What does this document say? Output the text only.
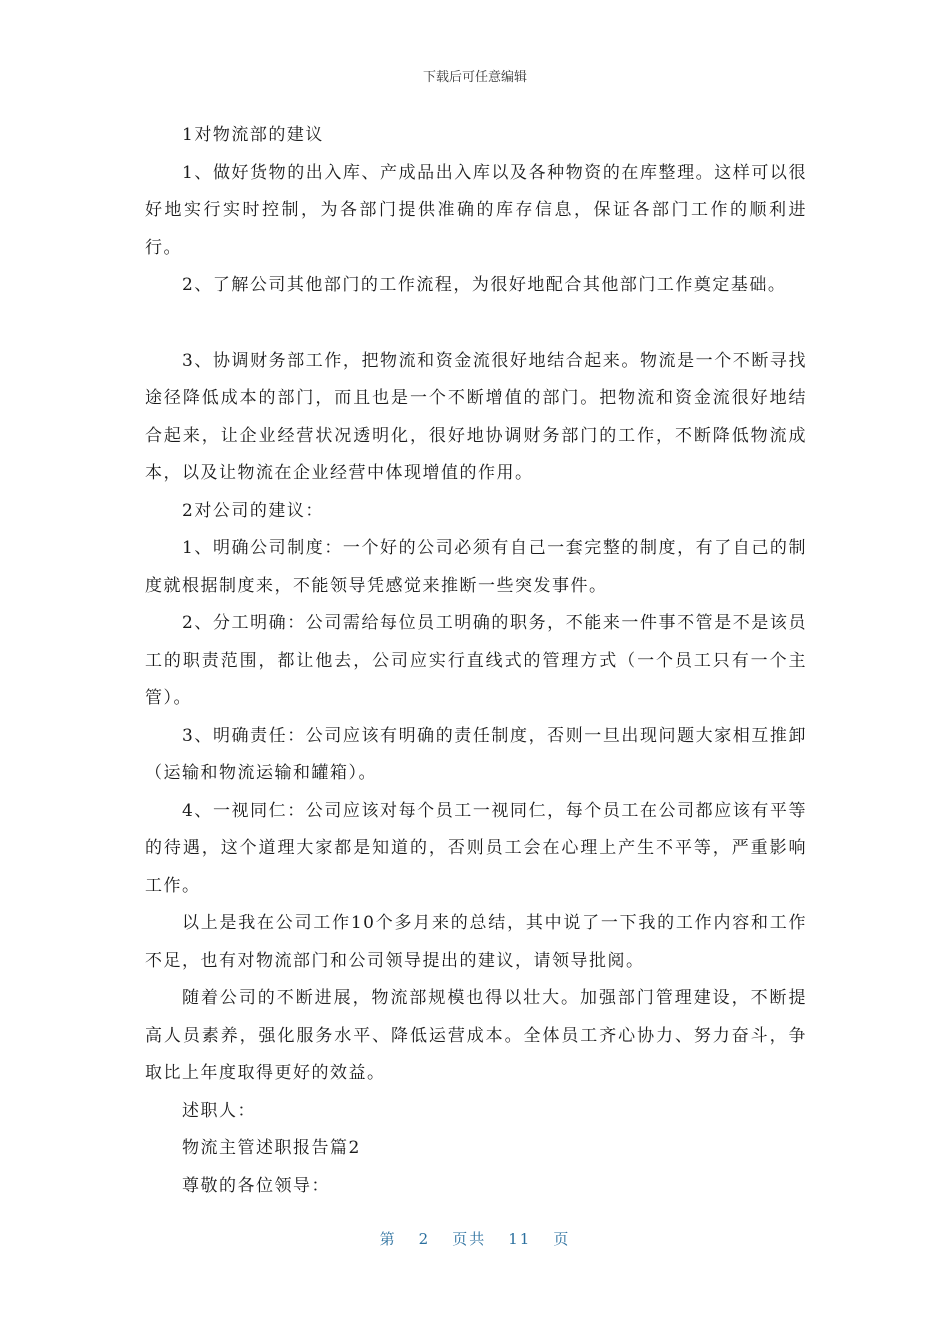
下载后可任意编辑

1对物流部的建议

1、做好货物的出入库、产成品出入库以及各种物资的在库整理。这样可以很好地实行实时控制，为各部门提供准确的库存信息，保证各部门工作的顺利进行。

2、了解公司其他部门的工作流程，为很好地配合其他部门工作奠定基础。

3、协调财务部工作，把物流和资金流很好地结合起来。物流是一个不断寻找途径降低成本的部门，而且也是一个不断增值的部门。把物流和资金流很好地结合起来，让企业经营状况透明化，很好地协调财务部门的工作，不断降低物流成本，以及让物流在企业经营中体现增值的作用。

2对公司的建议：

1、明确公司制度：一个好的公司必须有自己一套完整的制度，有了自己的制度就根据制度来，不能领导凭感觉来推断一些突发事件。

2、分工明确：公司需给每位员工明确的职务，不能来一件事不管是不是该员工的职责范围，都让他去，公司应实行直线式的管理方式（一个员工只有一个主管）。

3、明确责任：公司应该有明确的责任制度，否则一旦出现问题大家相互推卸（运输和物流运输和罐箱）。

4、一视同仁：公司应该对每个员工一视同仁，每个员工在公司都应该有平等的待遇，这个道理大家都是知道的，否则员工会在心理上产生不平等，严重影响工作。

以上是我在公司工作10个多月来的总结，其中说了一下我的工作内容和工作不足，也有对物流部门和公司领导提出的建议，请领导批阅。

随着公司的不断进展，物流部规模也得以壮大。加强部门管理建设，不断提高人员素养，强化服务水平、降低运营成本。全体员工齐心协力、努力奋斗，争取比上年度取得更好的效益。

述职人：

物流主管述职报告篇2

尊敬的各位领导：

第 2 页共 11 页
